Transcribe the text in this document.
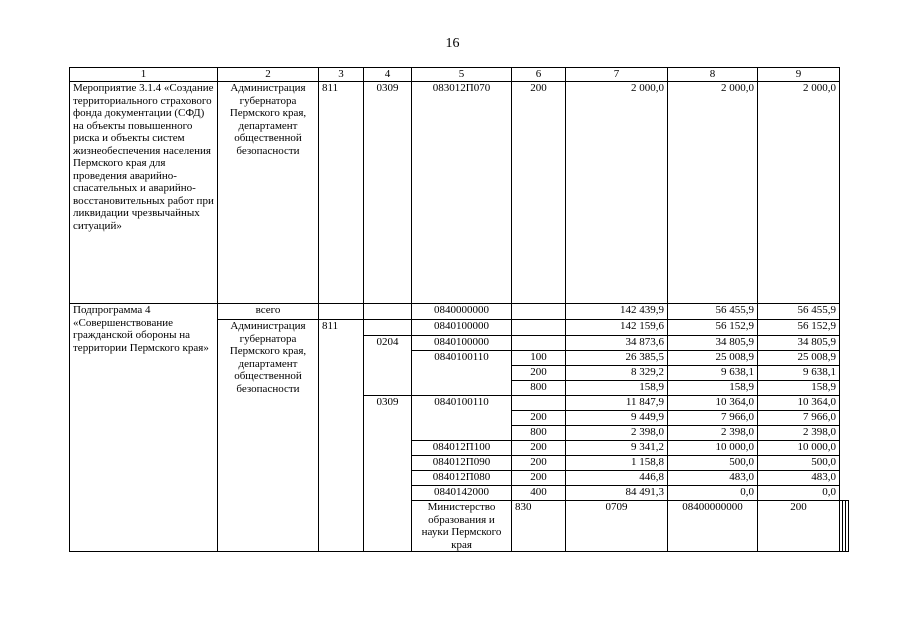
16
1	2	3	4	5	6	7	8	9			
Мероприятие 3.1.4 «Создание территориального страхового фонда документации (СФД) на объекты повышенного риска и объекты систем жизнеобеспечения населения Пермского края для проведения аварийно-спасательных и аварийно-восстановительных работ при ликвидации чрезвычайных ситуаций»	Администрация губернатора Пермского края, департамент общественной безопасности	811	0309	083012П070	200	2 000,0	2 000,0	2 000,0			
Подпрограмма 4 «Совершенствование гражданской обороны на территории Пермского края»	всего			0840000000		142 439,9	56 455,9	56 455,9			
	Администрация губернатора Пермского края, департамент общественной безопасности	811		0840100000		142 159,6	56 152,9	56 152,9			
			0204	0840100000		34 873,6	34 805,9	34 805,9			
				0840100110	100	26 385,5	25 008,9	25 008,9			
					200	8 329,2	9 638,1	9 638,1			
					800	158,9	158,9	158,9			
			0309	0840100110		11 847,9	10 364,0	10 364,0			
					200	9 449,9	7 966,0	7 966,0			
					800	2 398,0	2 398,0	2 398,0			
				084012П100	200	9 341,2	10 000,0	10 000,0			
				084012П090	200	1 158,8	500,0	500,0			
				084012П080	200	446,8	483,0	483,0			
				0840142000	400	84 491,3	0,0	0,0			
				Министерство образования и науки Пермского края	830	0709	08400000000	200			
